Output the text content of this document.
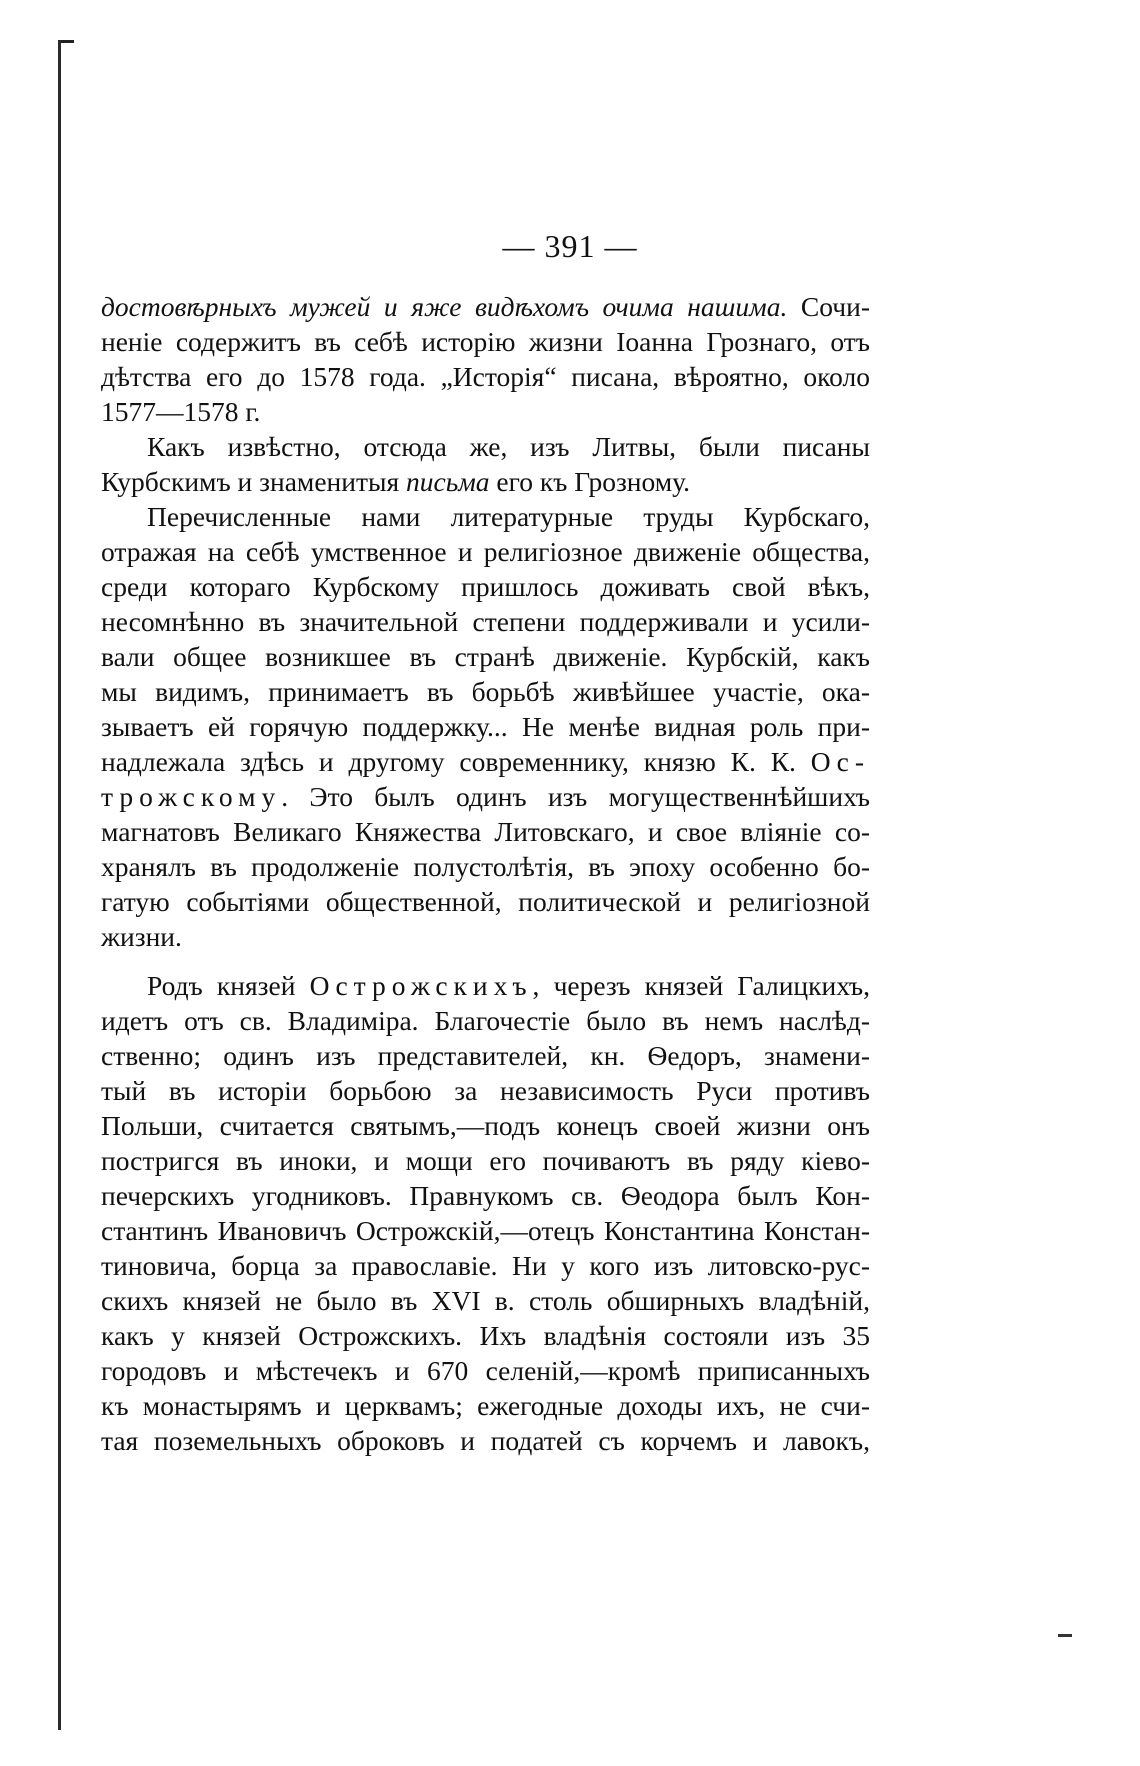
— 391 —
достовѣрныхъ мужей и яже видѣхомъ очима нашима. Сочи-
неніе содержитъ въ себѣ исторію жизни Іоанна Грознаго, отъ
дѣтства его до 1578 года. „Исторія“ писана, вѣроятно, около
1577—1578 г.
Какъ извѣстно, отсюда же, изъ Литвы, были писаны
Курбскимъ и знаменитыя письма его къ Грозному.
Перечисленные нами литературные труды Курбскаго,
отражая на себѣ умственное и религіозное движеніе общества,
среди котораго Курбскому пришлось доживать свой вѣкъ,
несомнѣнно въ значительной степени поддерживали и усили-
вали общее возникшее въ странѣ движеніе. Курбскій, какъ
мы видимъ, принимаетъ въ борьбѣ живѣйшее участіе, ока-
зываетъ ей горячую поддержку... Не менѣе видная роль при-
надлежала здѣсь и другому современнику, князю К. К. Ос-
трожскому. Это былъ одинъ изъ могущественнѣйшихъ
магнатовъ Великаго Княжества Литовскаго, и свое вліяніе со-
хранялъ въ продолженіе полустолѣтія, въ эпоху особенно бо-
гатую событіями общественной, политической и религіозной
жизни.
Родъ князей Острожскихъ, черезъ князей Галицкихъ,
идетъ отъ св. Владиміра. Благочестіе было въ немъ наслѣд-
ственно; одинъ изъ представителей, кн. Ѳедоръ, знамени-
тый въ исторіи борьбою за независимость Руси противъ
Польши, считается святымъ,—подъ конецъ своей жизни онъ
постригся въ иноки, и мощи его почиваютъ въ ряду кіево-
печерскихъ угодниковъ. Правнукомъ св. Ѳеодора былъ Кон-
стантинъ Ивановичъ Острожскій,—отецъ Константина Констан-
тиновича, борца за православіе. Ни у кого изъ литовско-рус-
скихъ князей не было въ XVI в. столь обширныхъ владѣній,
какъ у князей Острожскихъ. Ихъ владѣнія состояли изъ 35
городовъ и мѣстечекъ и 670 селеній,—кромѣ приписанныхъ
къ монастырямъ и церквамъ; ежегодные доходы ихъ, не счи-
тая поземельныхъ оброковъ и податей съ корчемъ и лавокъ,
